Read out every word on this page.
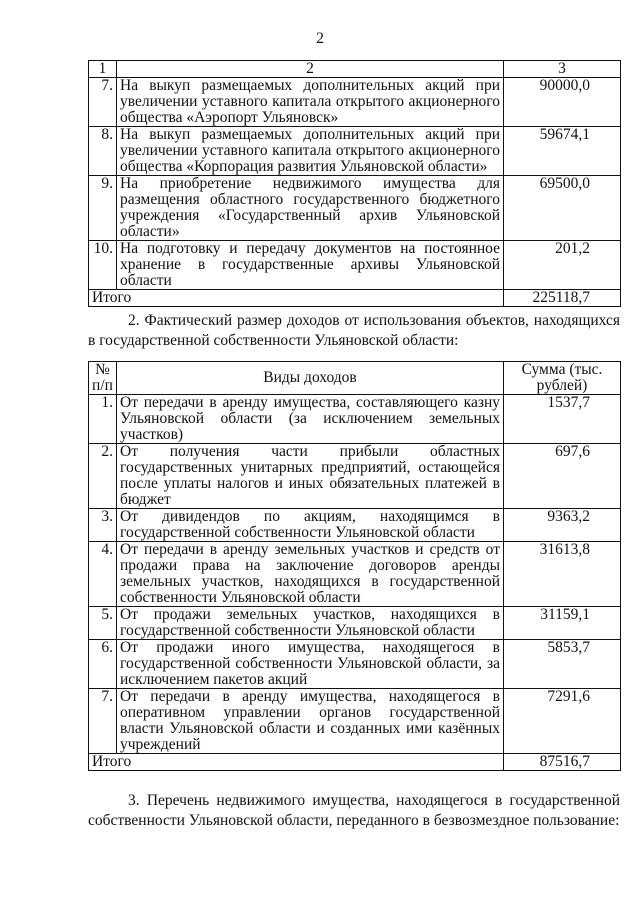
2
1	2	3
7.	На выкуп размещаемых дополнительных акций при увеличении уставного капитала открытого акционерного общества «Аэропорт Ульяновск»	90000,0
8.	На выкуп размещаемых дополнительных акций при увеличении уставного капитала открытого акционерного общества «Корпорация развития Ульяновской области»	59674,1
9.	На приобретение недвижимого имущества для размещения областного государственного бюджетного учреждения «Государственный архив Ульяновской области»	69500,0
10.	На подготовку и передачу документов на постоянное хранение в государственные архивы Ульяновской области	201,2
Итого		225118,7
2. Фактический размер доходов от использования объектов, находящихся в государственной собственности Ульяновской области:
№ п/п	Виды доходов	Сумма (тыс. рублей)
1.	От передачи в аренду имущества, составляющего казну Ульяновской области (за исключением земельных участков)	1537,7
2.	От получения части прибыли областных государственных унитарных предприятий, остающейся после уплаты налогов и иных обязательных платежей в бюджет	697,6
3.	От дивидендов по акциям, находящимся в государственной собственности Ульяновской области	9363,2
4.	От передачи в аренду земельных участков и средств от продажи права на заключение договоров аренды земельных участков, находящихся в государственной собственности Ульяновской области	31613,8
5.	От продажи земельных участков, находящихся в государственной собственности Ульяновской области	31159,1
6.	От продажи иного имущества, находящегося в государственной собственности Ульяновской области, за исключением пакетов акций	5853,7
7.	От передачи в аренду имущества, находящегося в оперативном управлении органов государственной власти Ульяновской области и созданных ими казённых учреждений	7291,6
Итого		87516,7
3. Перечень недвижимого имущества, находящегося в государственной собственности Ульяновской области, переданного в безвозмездное пользование:
